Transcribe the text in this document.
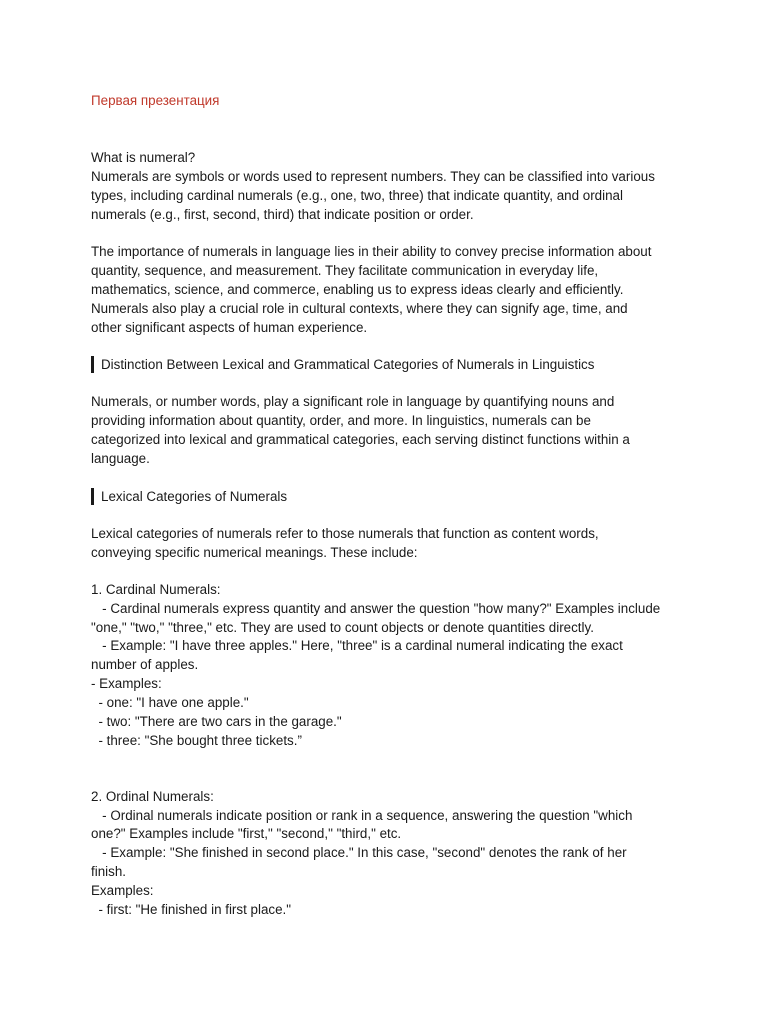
Первая презентация
What is numeral?
Numerals are symbols or words used to represent numbers. They can be classified into various
types, including cardinal numerals (e.g., one, two, three) that indicate quantity, and ordinal
numerals (e.g., first, second, third) that indicate position or order.
The importance of numerals in language lies in their ability to convey precise information about
quantity, sequence, and measurement. They facilitate communication in everyday life,
mathematics, science, and commerce, enabling us to express ideas clearly and efficiently.
Numerals also play a crucial role in cultural contexts, where they can signify age, time, and
other significant aspects of human experience.
Distinction Between Lexical and Grammatical Categories of Numerals in Linguistics
Numerals, or number words, play a significant role in language by quantifying nouns and
providing information about quantity, order, and more. In linguistics, numerals can be
categorized into lexical and grammatical categories, each serving distinct functions within a
language.
Lexical Categories of Numerals
Lexical categories of numerals refer to those numerals that function as content words,
conveying specific numerical meanings. These include:
1. Cardinal Numerals:
- Cardinal numerals express quantity and answer the question "how many?" Examples include
"one," "two," "three," etc. They are used to count objects or denote quantities directly.
- Example: "I have three apples." Here, "three" is a cardinal numeral indicating the exact
number of apples.
- Examples:
- one: "I have one apple."
- two: "There are two cars in the garage."
- three: "She bought three tickets.”
2. Ordinal Numerals:
- Ordinal numerals indicate position or rank in a sequence, answering the question "which
one?" Examples include "first," "second," "third," etc.
- Example: "She finished in second place." In this case, "second" denotes the rank of her
finish.
Examples:
- first: "He finished in first place."
